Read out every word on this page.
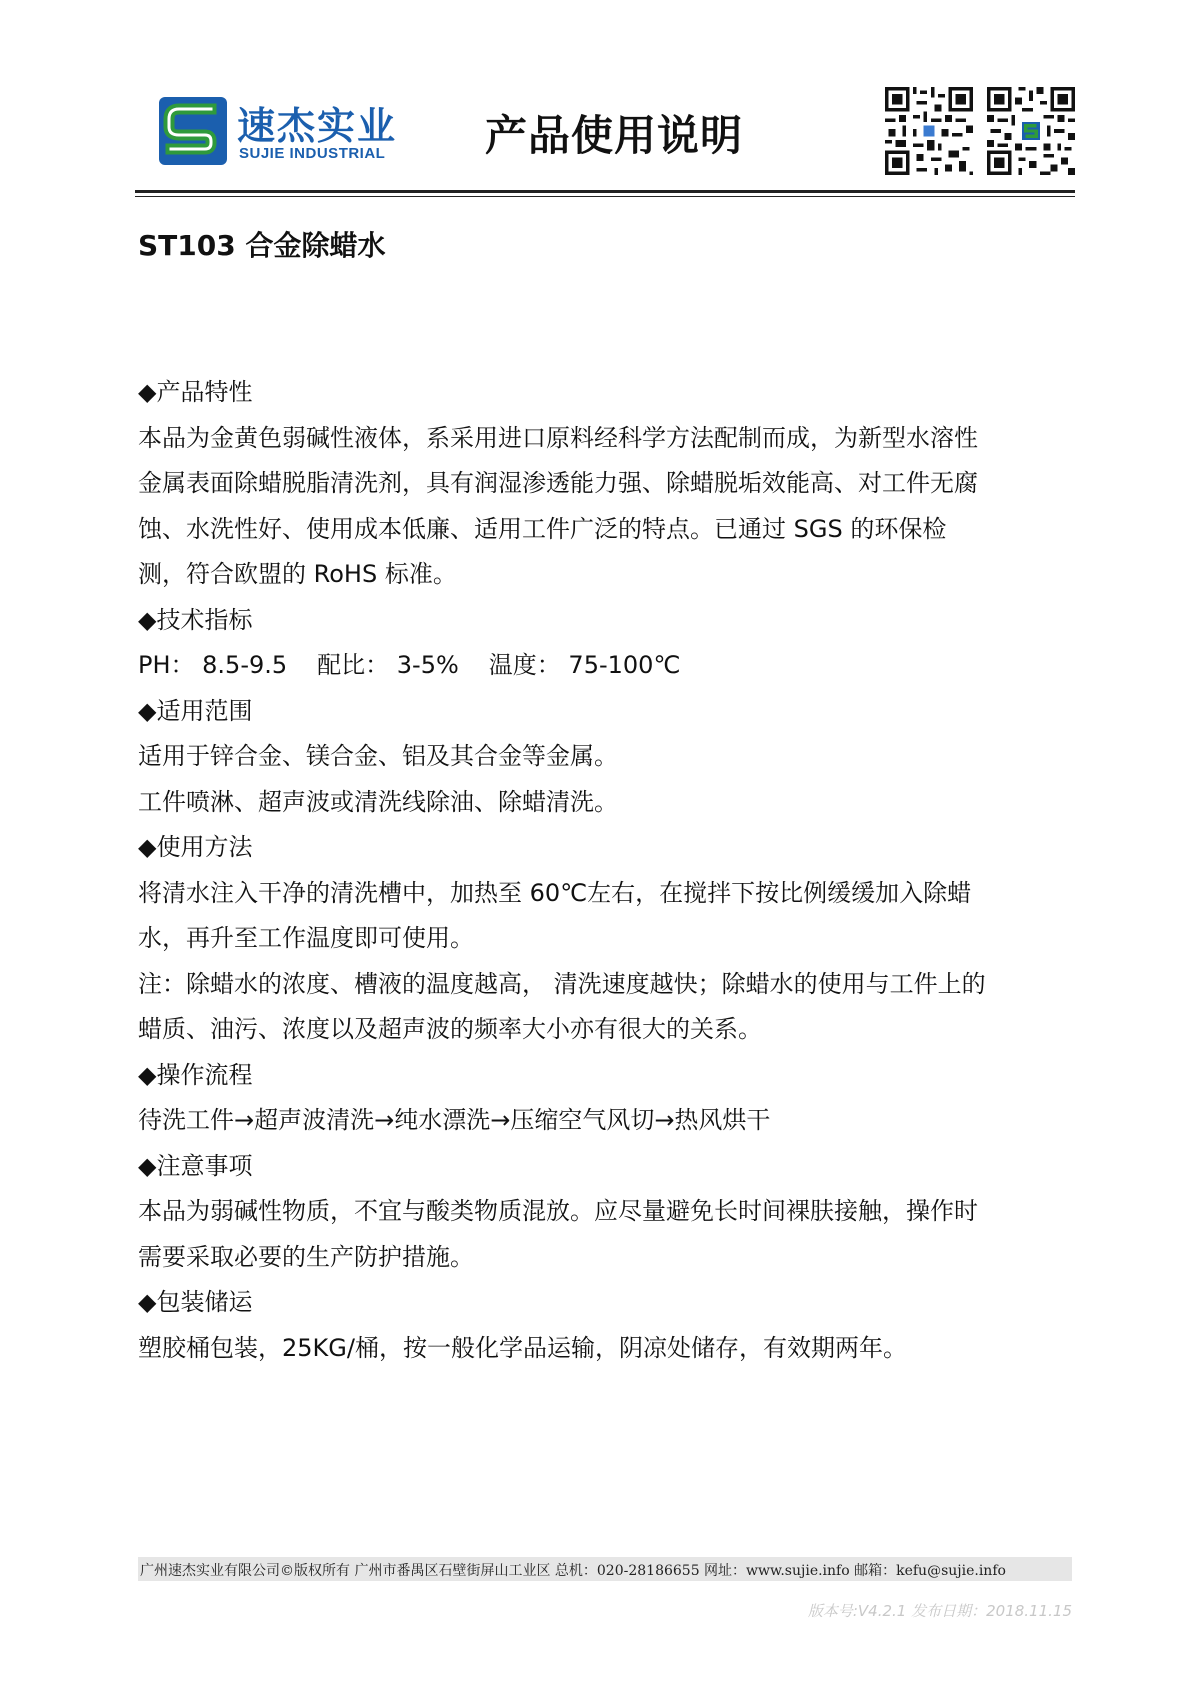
速杰实业
SUJIE INDUSTRIAL 产品使用说明
ST103 合金除蜡水
◆产品特性
本品为金黄色弱碱性液体，系采用进口原料经科学方法配制而成，为新型水溶性
金属表面除蜡脱脂清洗剂，具有润湿渗透能力强、除蜡脱垢效能高、对工件无腐
蚀、水洗性好、使用成本低廉、适用工件广泛的特点。已通过 SGS 的环保检
测，符合欧盟的 RoHS 标准。
◆技术指标
PH： 8.5-9.5 配比： 3-5% 温度： 75-100℃
◆适用范围
适用于锌合金、镁合金、铝及其合金等金属。
工件喷淋、超声波或清洗线除油、除蜡清洗。
◆使用方法
将清水注入干净的清洗槽中，加热至 60℃左右，在搅拌下按比例缓缓加入除蜡
水，再升至工作温度即可使用。
注：除蜡水的浓度、槽液的温度越高， 清洗速度越快；除蜡水的使用与工件上的
蜡质、油污、浓度以及超声波的频率大小亦有很大的关系。
◆操作流程
待洗工件→超声波清洗→纯水漂洗→压缩空气风切→热风烘干
◆注意事项
本品为弱碱性物质，不宜与酸类物质混放。应尽量避免长时间裸肤接触，操作时
需要采取必要的生产防护措施。
◆包装储运
塑胶桶包装，25KG/桶，按一般化学品运输，阴凉处储存，有效期两年。
广州速杰实业有限公司©版权所有 广州市番禺区石壁街屏山工业区 总机：020-28186655 网址：www.sujie.info 邮箱：kefu@sujie.info
版本号:V4.2.1 发布日期：2018.11.15
